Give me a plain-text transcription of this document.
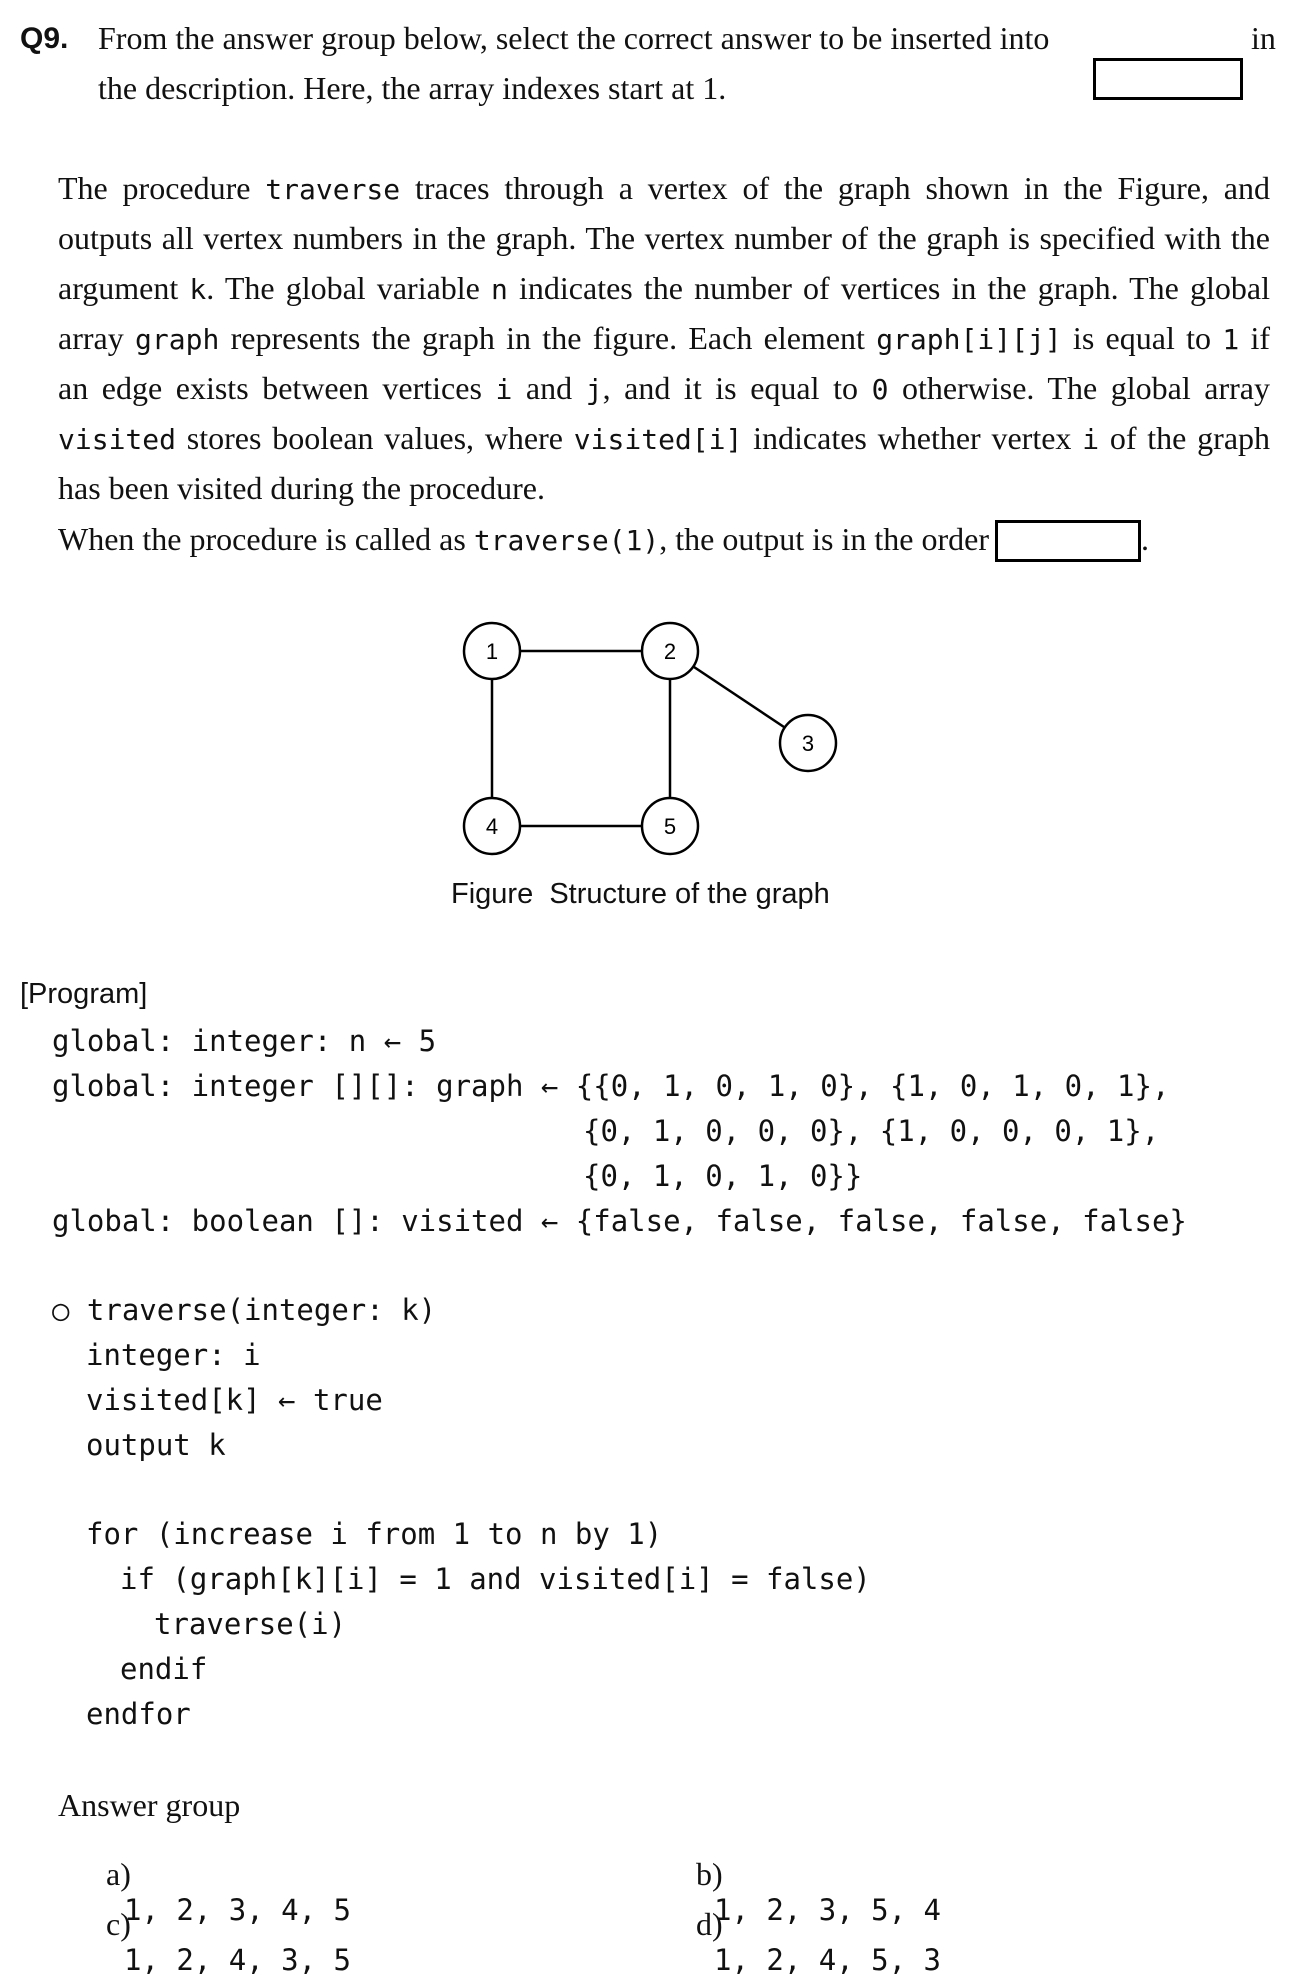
Q9. From the answer group below, select the correct answer to be inserted into

	in
the description. Here, the array indexes start at 1.
The procedure traverse traces through a vertex of the graph shown in the Figure, and
outputs all vertex numbers in the graph. The vertex number of the graph is specified with the
argument k. The global variable n indicates the number of vertices in the graph. The global
array graph represents the graph in the figure. Each element graph[i][j] is equal to 1 if
an edge exists between vertices i and j, and it is equal to 0 otherwise. The global array
visited stores boolean values, where visited[i] indicates whether vertex i of the graph
has been visited during the procedure.
When the procedure is called as traverse(1), the output is in the order	.
1	2
3
4	5
Figure  Structure of the graph
[Program]
global: integer: n ← 5
global: integer [][]: graph ← {{0, 1, 0, 1, 0}, {1, 0, 1, 0, 1},
{0, 1, 0, 0, 0}, {1, 0, 0, 0, 1},
{0, 1, 0, 1, 0}}
global: boolean []: visited ← {false, false, false, false, false}
○ traverse(integer: k)
integer: i
visited[k] ← true
output k
for (increase i from 1 to n by 1)
if (graph[k][i] = 1 and visited[i] = false)
traverse(i)
endif
endfor
Answer group

a)
1, 2, 3, 4, 5

b)
1, 2, 3, 5, 4

c)
1, 2, 4, 3, 5

d)
1, 2, 4, 5, 3
